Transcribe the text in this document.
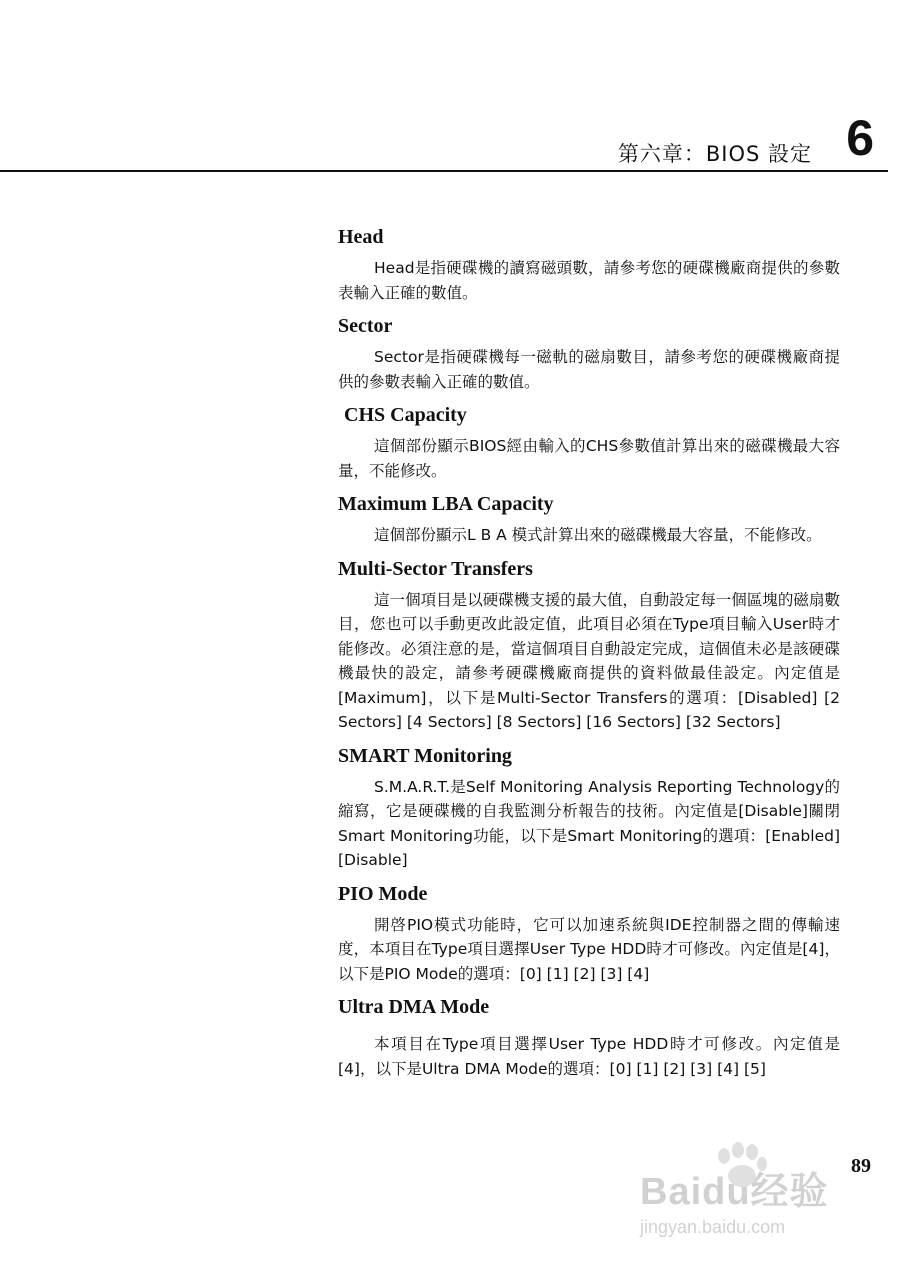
第六章：BIOS 設定 6
Head

Head是指硬碟機的讀寫磁頭數，請參考您的硬碟機廠商提供的參數表輸入正確的數值。

Sector

Sector是指硬碟機每一磁軌的磁扇數目，請參考您的硬碟機廠商提供的參數表輸入正確的數值。

CHS Capacity

這個部份顯示BIOS經由輸入的CHS參數值計算出來的磁碟機最大容量，不能修改。

Maximum LBA Capacity

這個部份顯示L B A 模式計算出來的磁碟機最大容量，不能修改。

Multi-Sector Transfers

這一個項目是以硬碟機支援的最大值，自動設定每一個區塊的磁扇數目，您也可以手動更改此設定值，此項目必須在Type項目輸入User時才能修改。必須注意的是，當這個項目自動設定完成，這個值未必是該硬碟機最快的設定，請參考硬碟機廠商提供的資料做最佳設定。內定值是[Maximum]，以下是Multi-Sector Transfers的選項：[Disabled] [2 Sectors] [4 Sectors] [8 Sectors] [16 Sectors] [32 Sectors]

SMART Monitoring

S.M.A.R.T.是Self Monitoring Analysis Reporting Technology的縮寫，它是硬碟機的自我監測分析報告的技術。內定值是[Disable]關閉Smart Monitoring功能，以下是Smart Monitoring的選項：[Enabled] [Disable]

PIO Mode

開啓PIO模式功能時，它可以加速系統與IDE控制器之間的傳輸速度，本項目在Type項目選擇User Type HDD時才可修改。內定值是[4]，以下是PIO Mode的選項：[0] [1] [2] [3] [4]

Ultra DMA Mode

本項目在Type項目選擇User Type HDD時才可修改。內定值是[4]，以下是Ultra DMA Mode的選項：[0] [1] [2] [3] [4] [5]

89
Baidu经验
jingyan.baidu.com
